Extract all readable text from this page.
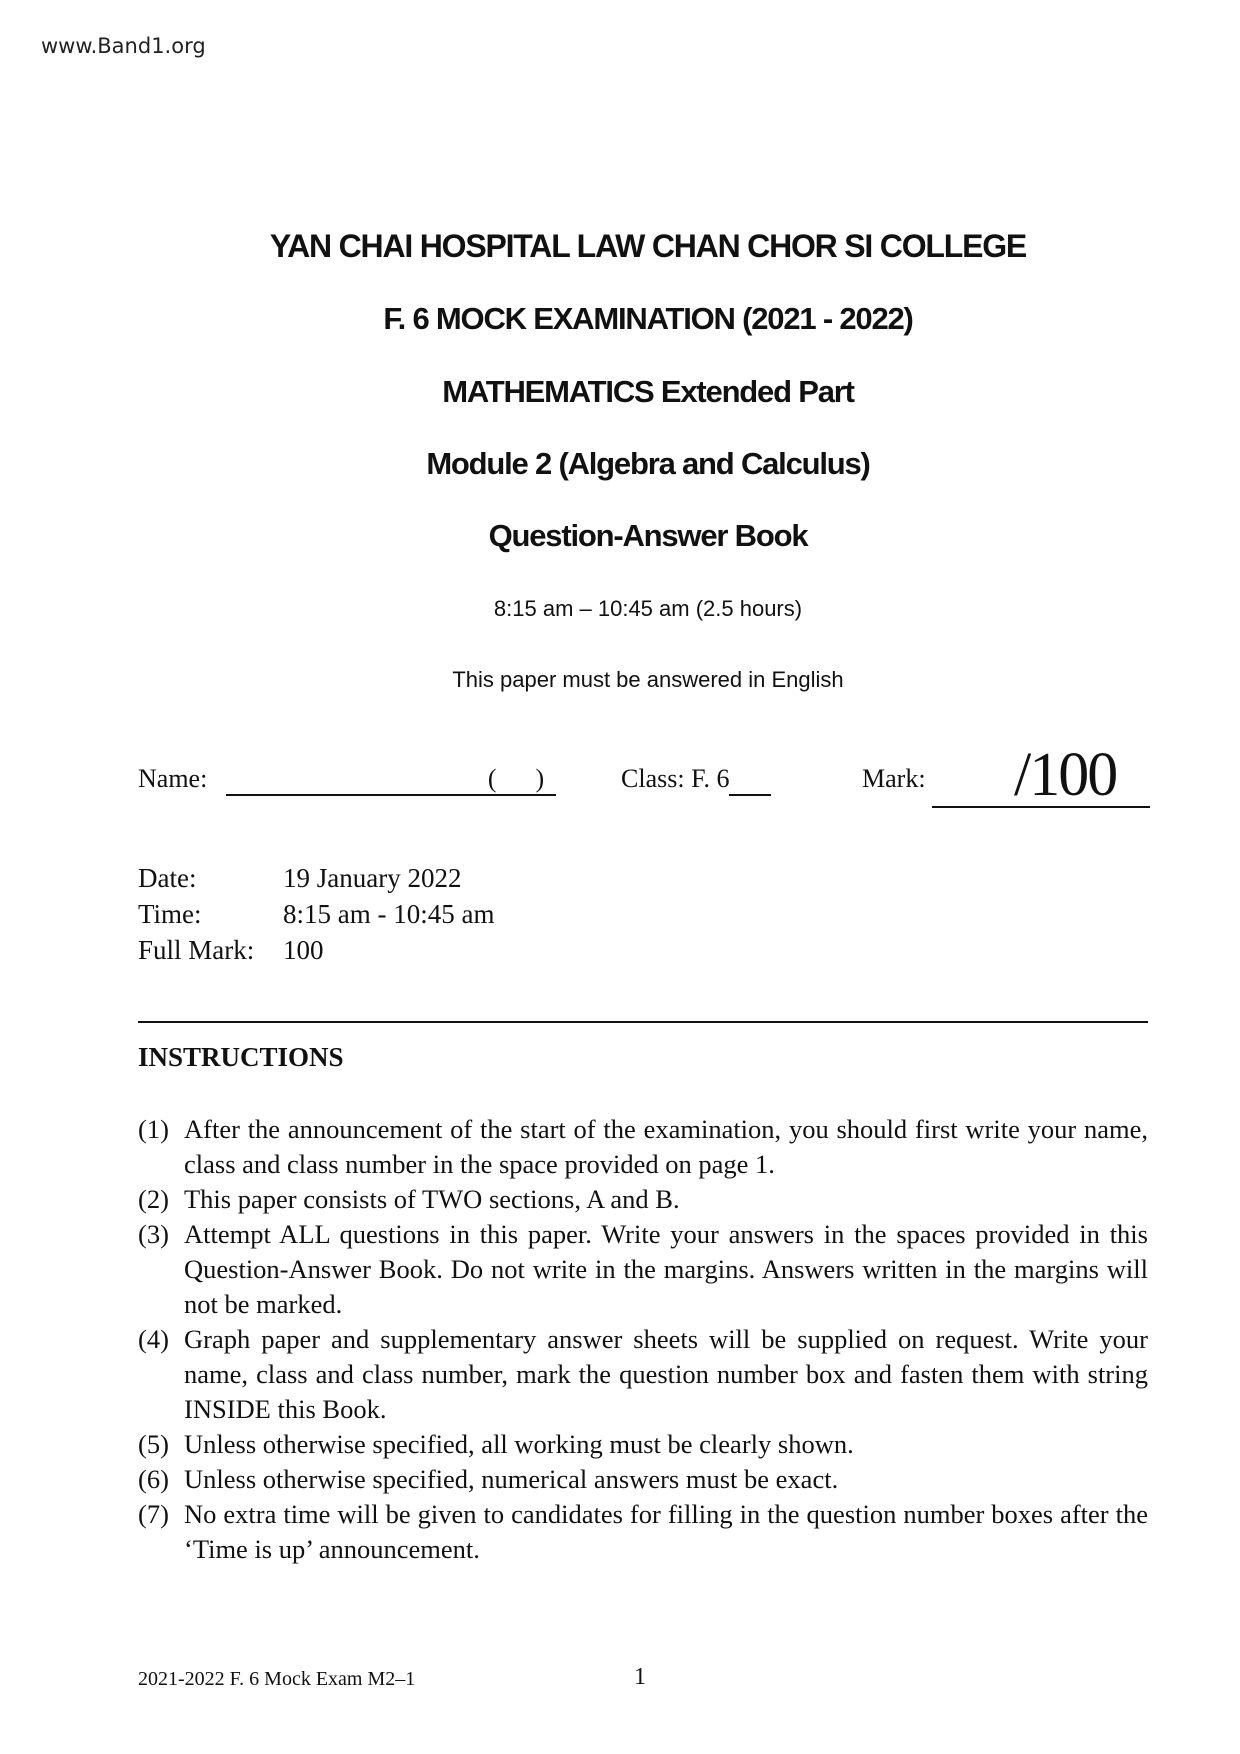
www.Band1.org
YAN CHAI HOSPITAL LAW CHAN CHOR SI COLLEGE
F. 6 MOCK EXAMINATION (2021 - 2022)
MATHEMATICS Extended Part
Module 2 (Algebra and Calculus)
Question-Answer Book
8:15 am – 10:45 am (2.5 hours)
This paper must be answered in English
Name:	(      )	Class: F. 6	Mark: /100
Date:	19 January 2022
Time:	8:15 am - 10:45 am
Full Mark: 100
INSTRUCTIONS
(1) After the announcement of the start of the examination, you should first write your name, class and class number in the space provided on page 1.
(2) This paper consists of TWO sections, A and B.
(3) Attempt ALL questions in this paper. Write your answers in the spaces provided in this Question-Answer Book. Do not write in the margins. Answers written in the margins will not be marked.
(4) Graph paper and supplementary answer sheets will be supplied on request. Write your name, class and class number, mark the question number box and fasten them with string INSIDE this Book.
(5) Unless otherwise specified, all working must be clearly shown.
(6) Unless otherwise specified, numerical answers must be exact.
(7) No extra time will be given to candidates for filling in the question number boxes after the ‘Time is up’ announcement.
2021-2022 F. 6 Mock Exam M2–1	1
